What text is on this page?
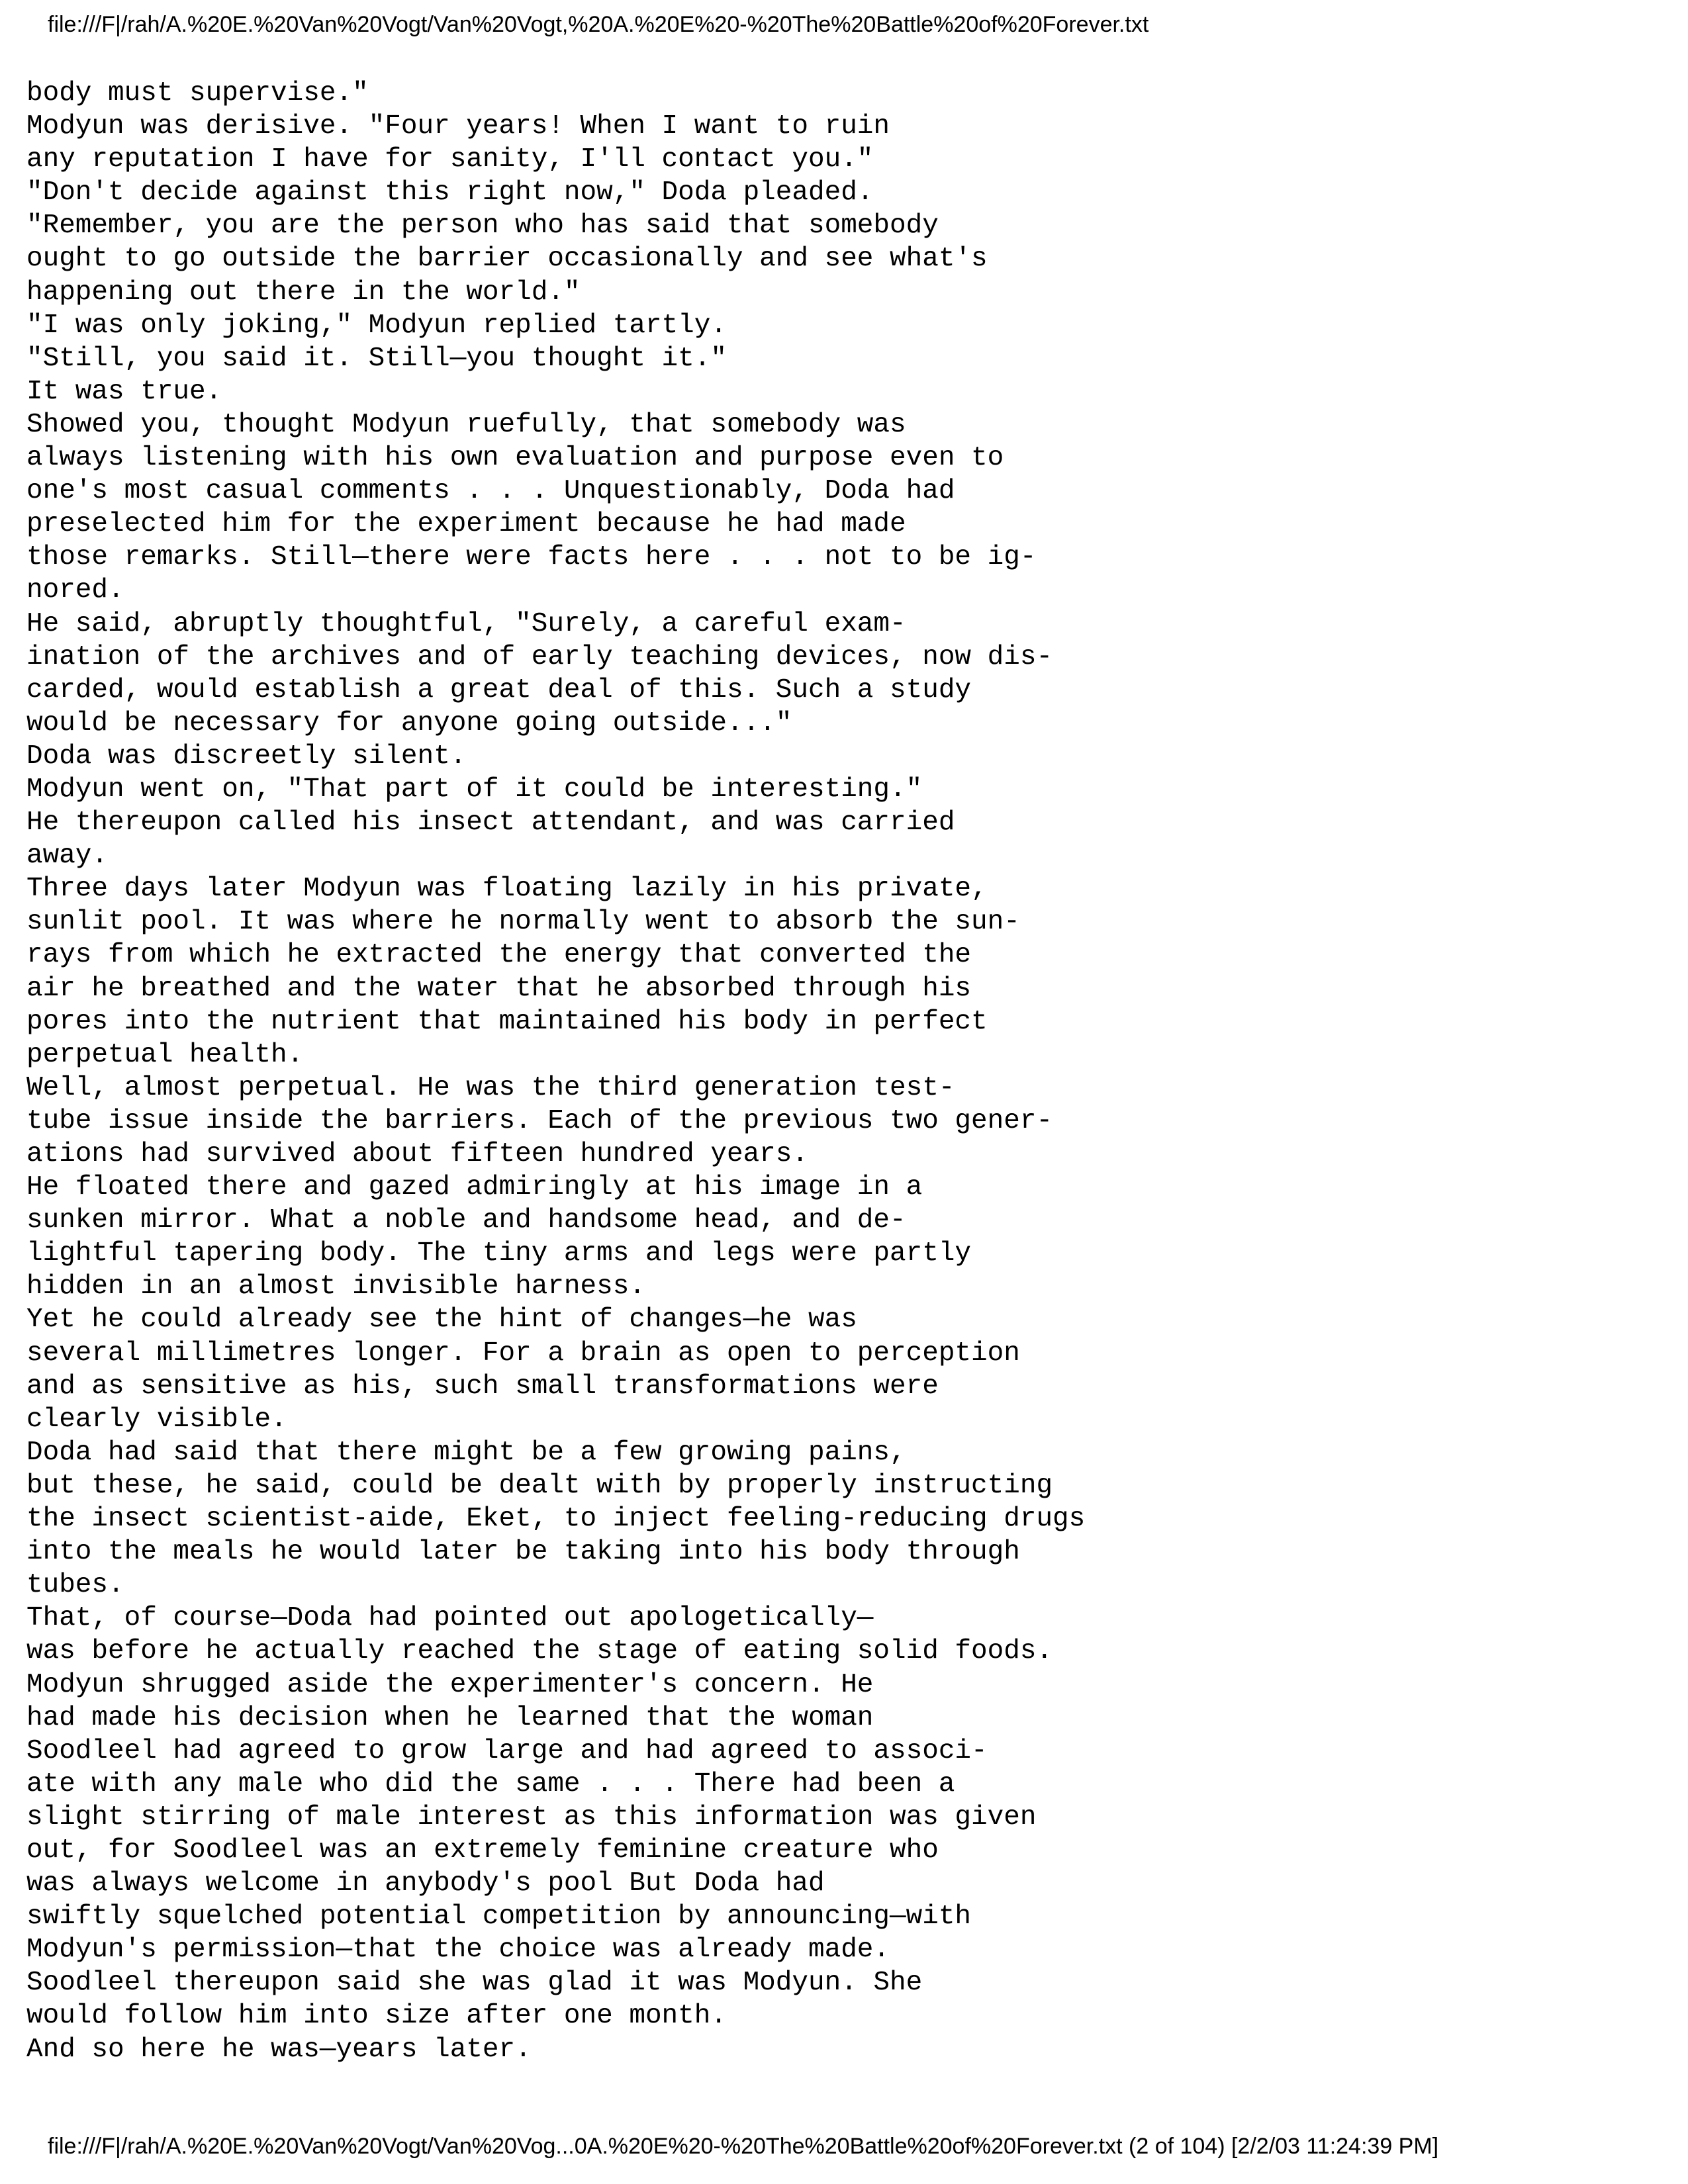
file:///F|/rah/A.%20E.%20Van%20Vogt/Van%20Vogt,%20A.%20E%20-%20The%20Battle%20of%20Forever.txt
body must supervise."
Modyun was derisive. "Four years! When I want to ruin
any reputation I have for sanity, I'll contact you."
"Don't decide against this right now," Doda pleaded.
"Remember, you are the person who has said that somebody
ought to go outside the barrier occasionally and see what's
happening out there in the world."
"I was only joking," Modyun replied tartly.
"Still, you said it. Still—you thought it."
It was true.
Showed you, thought Modyun ruefully, that somebody was
always listening with his own evaluation and purpose even to
one's most casual comments . . . Unquestionably, Doda had
preselected him for the experiment because he had made
those remarks. Still—there were facts here . . . not to be ig-
nored.
He said, abruptly thoughtful, "Surely, a careful exam-
ination of the archives and of early teaching devices, now dis-
carded, would establish a great deal of this. Such a study
would be necessary for anyone going outside..."
Doda was discreetly silent.
Modyun went on, "That part of it could be interesting."
He thereupon called his insect attendant, and was carried
away.
Three days later Modyun was floating lazily in his private,
sunlit pool. It was where he normally went to absorb the sun-
rays from which he extracted the energy that converted the
air he breathed and the water that he absorbed through his
pores into the nutrient that maintained his body in perfect
perpetual health.
Well, almost perpetual. He was the third generation test-
tube issue inside the barriers. Each of the previous two gener-
ations had survived about fifteen hundred years.
He floated there and gazed admiringly at his image in a
sunken mirror. What a noble and handsome head, and de-
lightful tapering body. The tiny arms and legs were partly
hidden in an almost invisible harness.
Yet he could already see the hint of changes—he was
several millimetres longer. For a brain as open to perception
and as sensitive as his, such small transformations were
clearly visible.
Doda had said that there might be a few growing pains,
but these, he said, could be dealt with by properly instructing
the insect scientist-aide, Eket, to inject feeling-reducing drugs
into the meals he would later be taking into his body through
tubes.
That, of course—Doda had pointed out apologetically—
was before he actually reached the stage of eating solid foods.
Modyun shrugged aside the experimenter's concern. He
had made his decision when he learned that the woman
Soodleel had agreed to grow large and had agreed to associ-
ate with any male who did the same . . . There had been a
slight stirring of male interest as this information was given
out, for Soodleel was an extremely feminine creature who
was always welcome in anybody's pool But Doda had
swiftly squelched potential competition by announcing—with
Modyun's permission—that the choice was already made.
Soodleel thereupon said she was glad it was Modyun. She
would follow him into size after one month.
And so here he was—years later.
file:///F|/rah/A.%20E.%20Van%20Vogt/Van%20Vog...0A.%20E%20-%20The%20Battle%20of%20Forever.txt (2 of 104) [2/2/03 11:24:39 PM]
